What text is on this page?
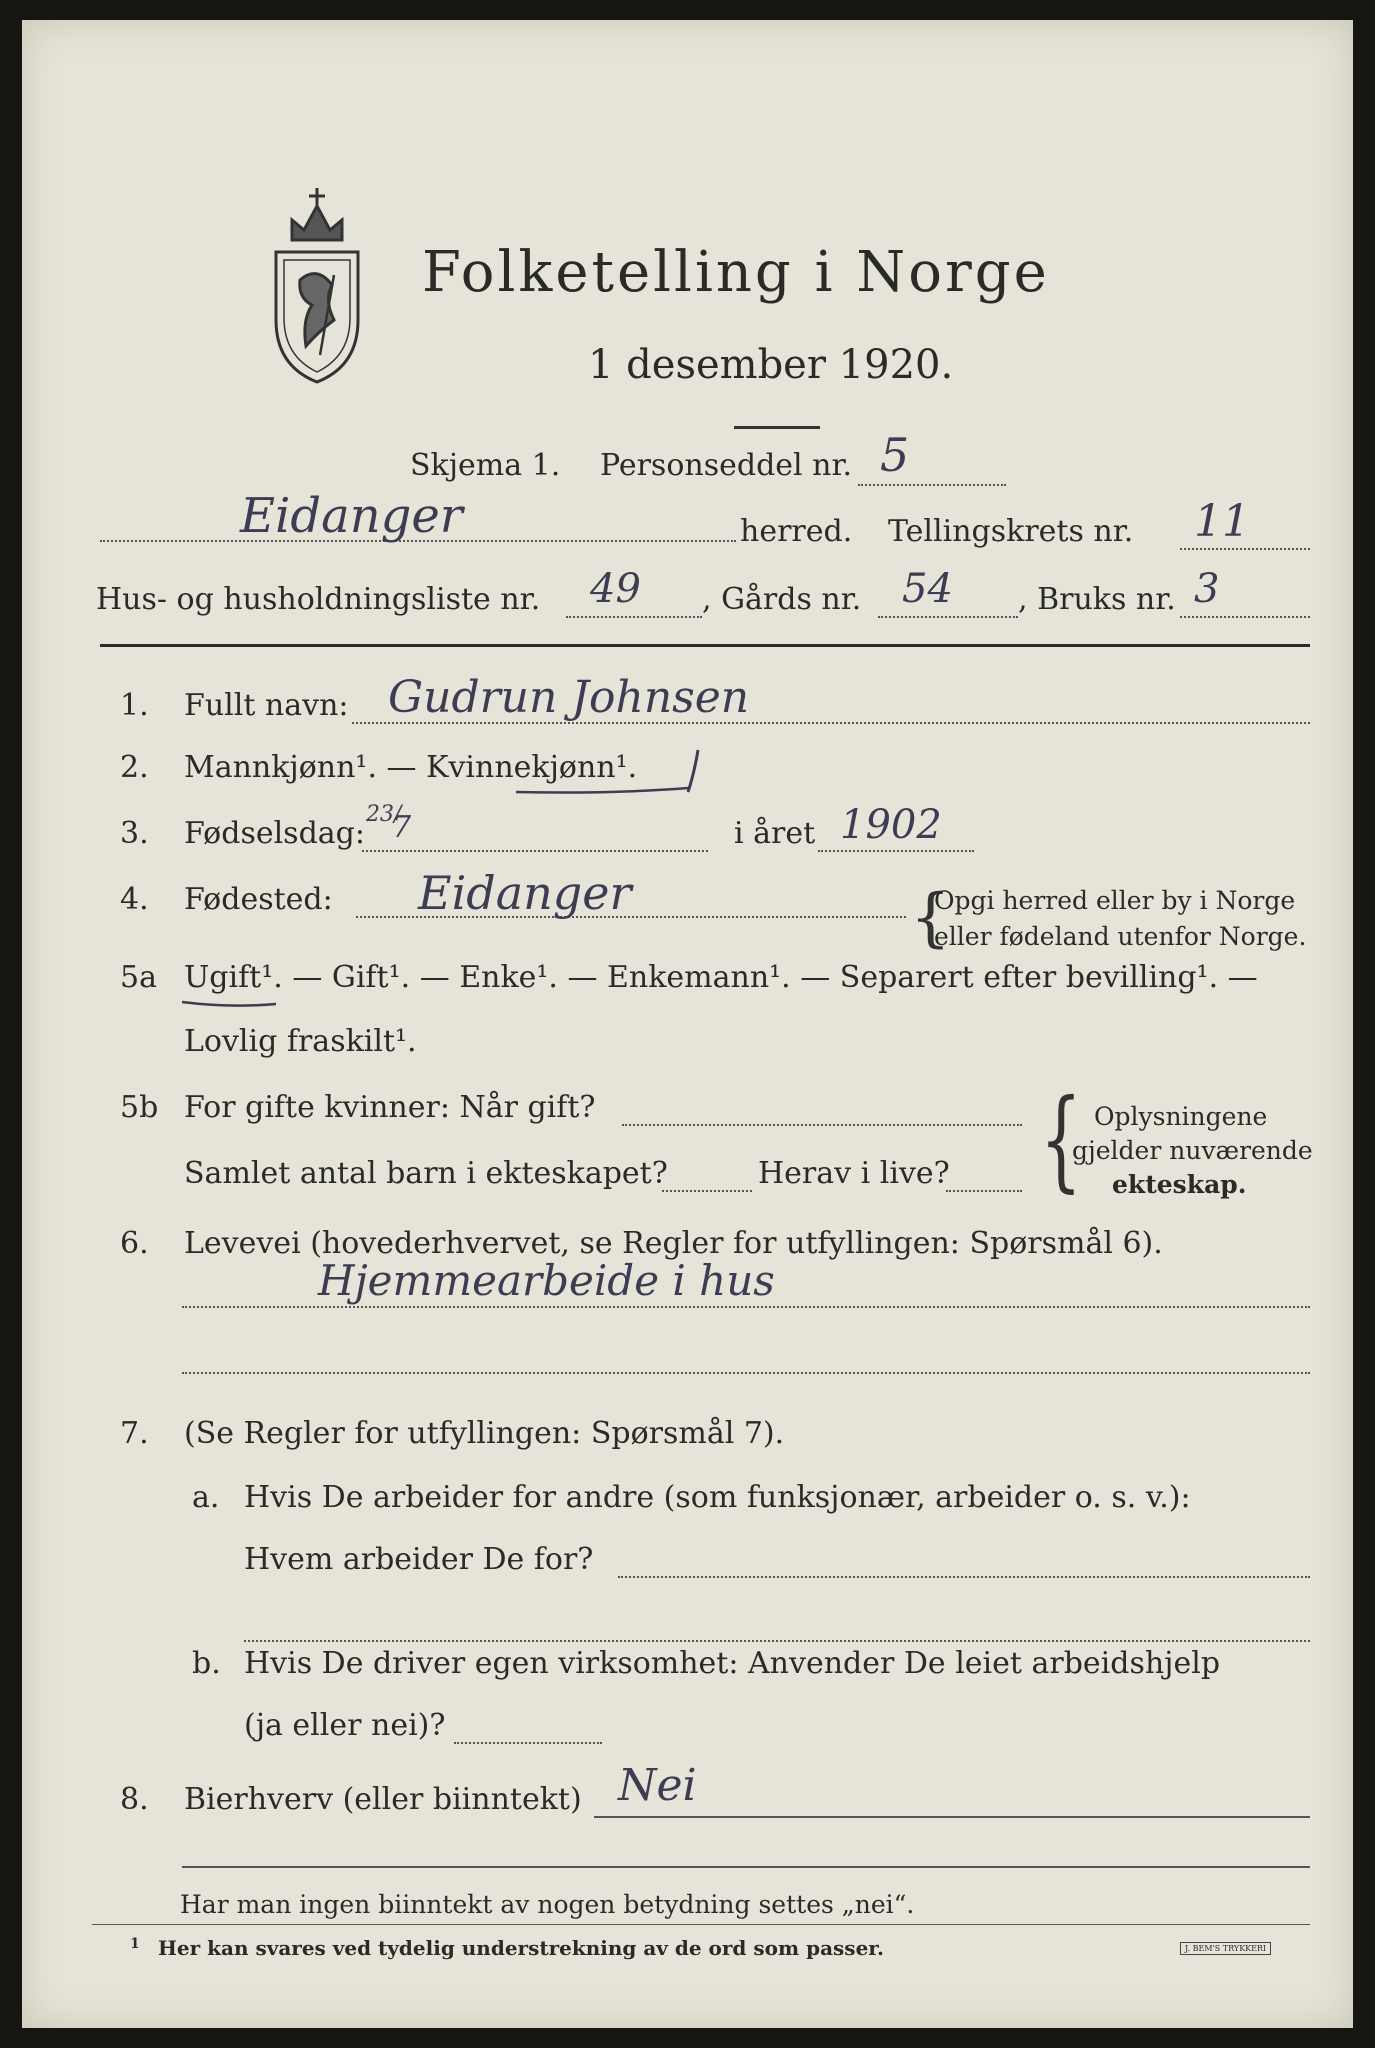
Folketelling i Norge
1 desember 1920.
Skjema 1. Personseddel nr. 5
Eidanger	herred. Tellingskrets nr. 11
Hus- og husholdningsliste nr. 49 , Gårds nr. 54 , Bruks nr. 3
1. Fullt navn: Gudrun Johnsen
2. Mannkjønn¹. — Kvinnekjønn¹.
3. Fødselsdag:
23/
7	i året 1902
4. Fødested: Eidanger	{
Opgi herred eller by i Norge
eller fødeland utenfor Norge.
5a Ugift¹. — Gift¹. — Enke¹. — Enkemann¹. — Separert efter bevilling¹. —
Lovlig fraskilt¹.
5b For gifte kvinner: Når gift?
Samlet antal barn i ekteskapet?	Herav i live? { Oplysningene
gjelder nuværende
ekteskap.
6. Levevei (hovederhvervet, se Regler for utfyllingen: Spørsmål 6).
Hjemmearbeide i hus
7. (Se Regler for utfyllingen: Spørsmål 7).
a. Hvis De arbeider for andre (som funksjonær, arbeider o. s. v.):
Hvem arbeider De for?
b. Hvis De driver egen virksomhet: Anvender De leiet arbeidshjelp
(ja eller nei)?
8. Bierhverv (eller biinntekt) Nei
Har man ingen biinntekt av nogen betydning settes „nei“.
1 Her kan svares ved tydelig understrekning av de ord som passer.	J. BEM'S TRYKKERI
